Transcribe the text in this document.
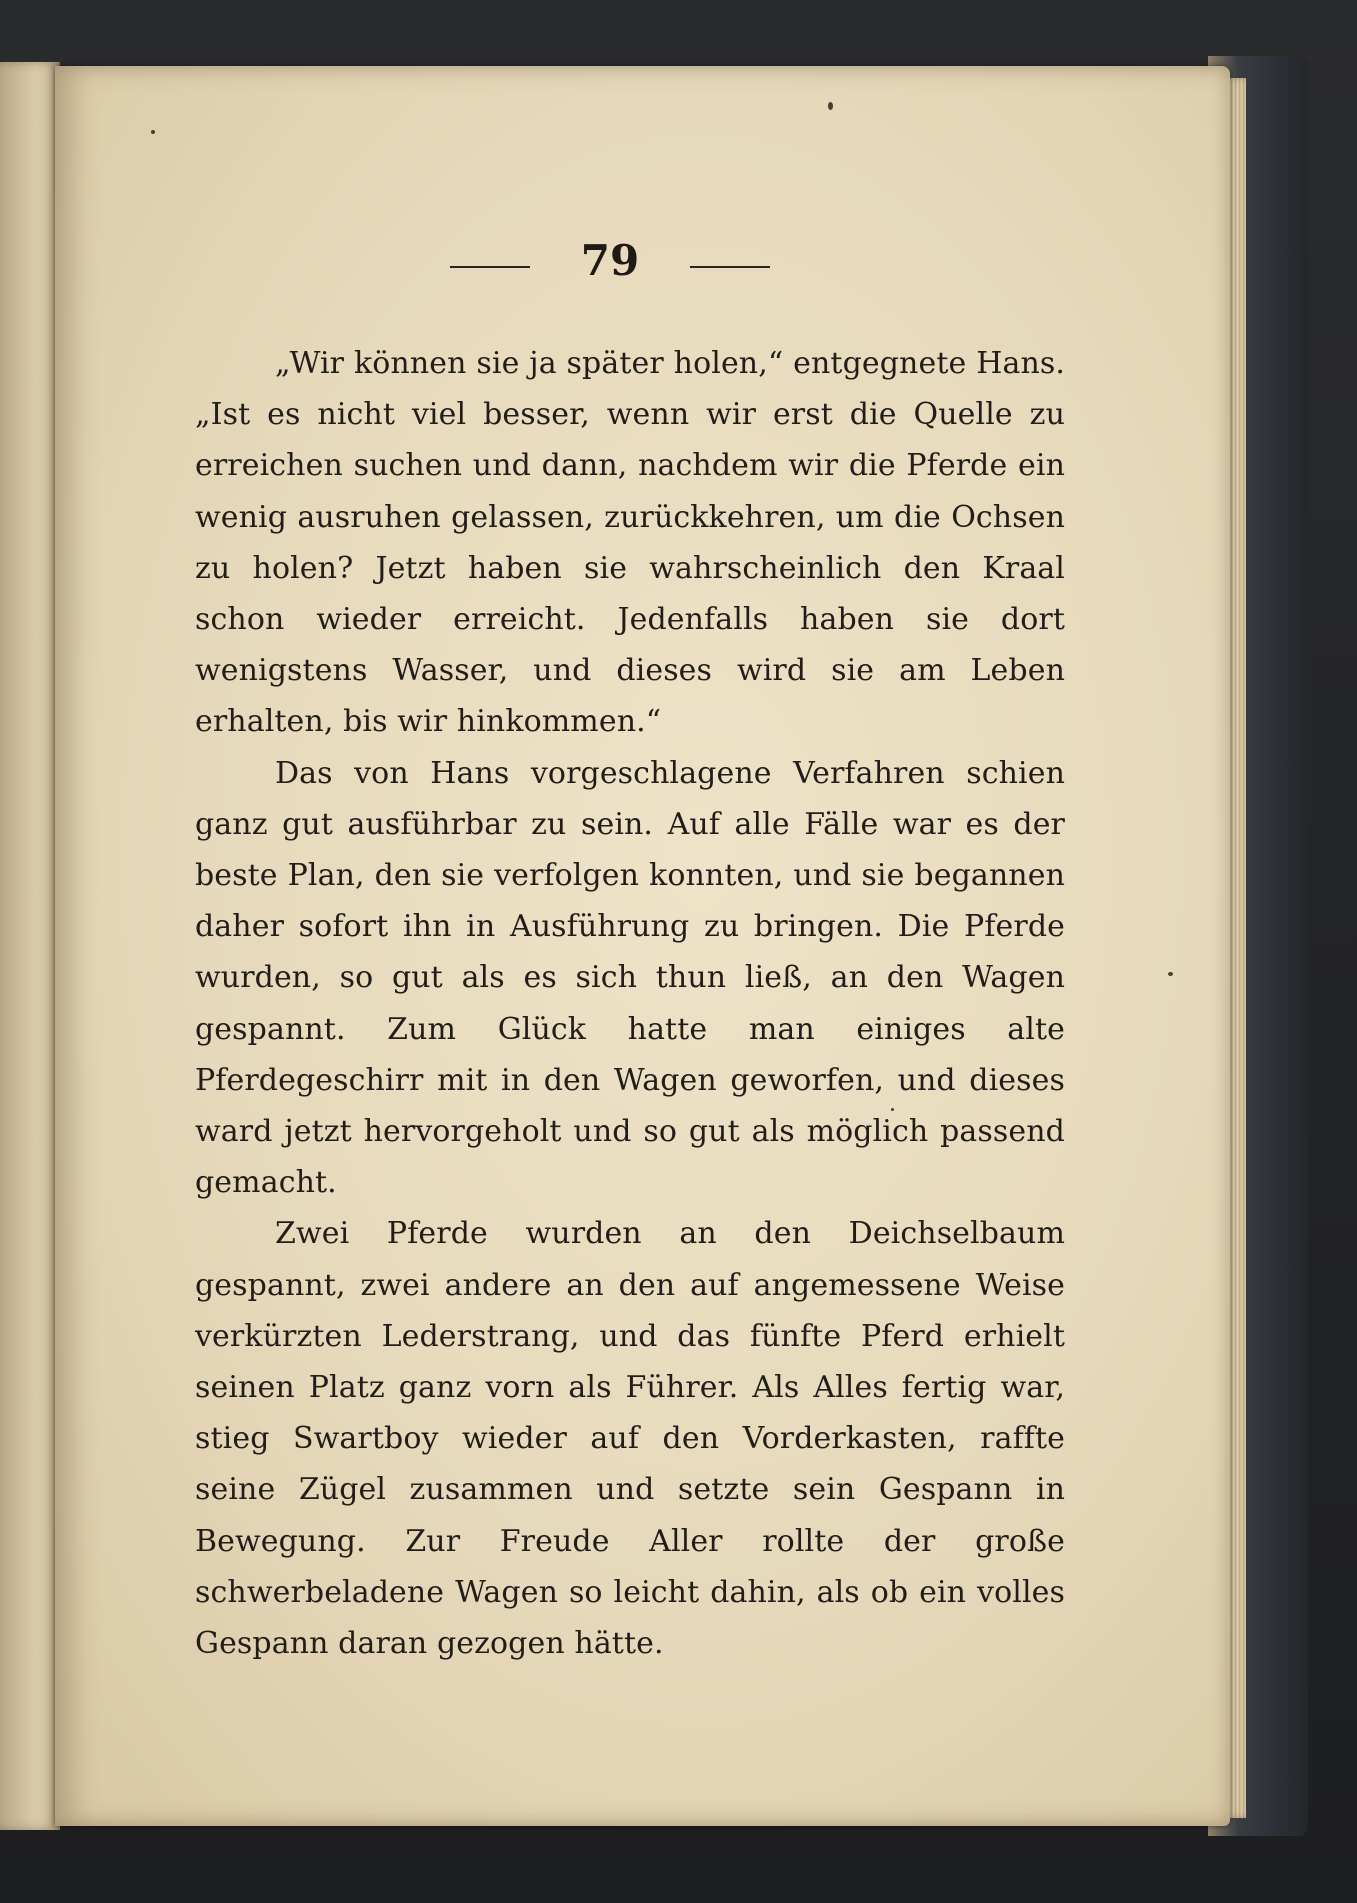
79

„Wir können sie ja später holen,“ entgegnete Hans. „Ist es nicht viel besser, wenn wir erst die Quelle zu erreichen suchen und dann, nachdem wir die Pferde ein wenig ausruhen gelassen, zurückkehren, um die Ochsen zu holen? Jetzt haben sie wahrscheinlich den Kraal schon wieder erreicht. Jedenfalls haben sie dort wenigstens Wasser, und dieses wird sie am Leben erhalten, bis wir hinkommen.“

Das von Hans vorgeschlagene Verfahren schien ganz gut ausführbar zu sein. Auf alle Fälle war es der beste Plan, den sie verfolgen konnten, und sie begannen daher sofort ihn in Ausführung zu bringen. Die Pferde wurden, so gut als es sich thun ließ, an den Wagen gespannt. Zum Glück hatte man einiges alte Pferdegeschirr mit in den Wagen geworfen, und dieses ward jetzt hervorgeholt und so gut als möglich passend gemacht.

Zwei Pferde wurden an den Deichselbaum gespannt, zwei andere an den auf angemessene Weise verkürzten Lederstrang, und das fünfte Pferd erhielt seinen Platz ganz vorn als Führer. Als Alles fertig war, stieg Swartboy wieder auf den Vorderkasten, raffte seine Zügel zusammen und setzte sein Gespann in Bewegung. Zur Freude Aller rollte der große schwerbeladene Wagen so leicht dahin, als ob ein volles Gespann daran gezogen hätte.
